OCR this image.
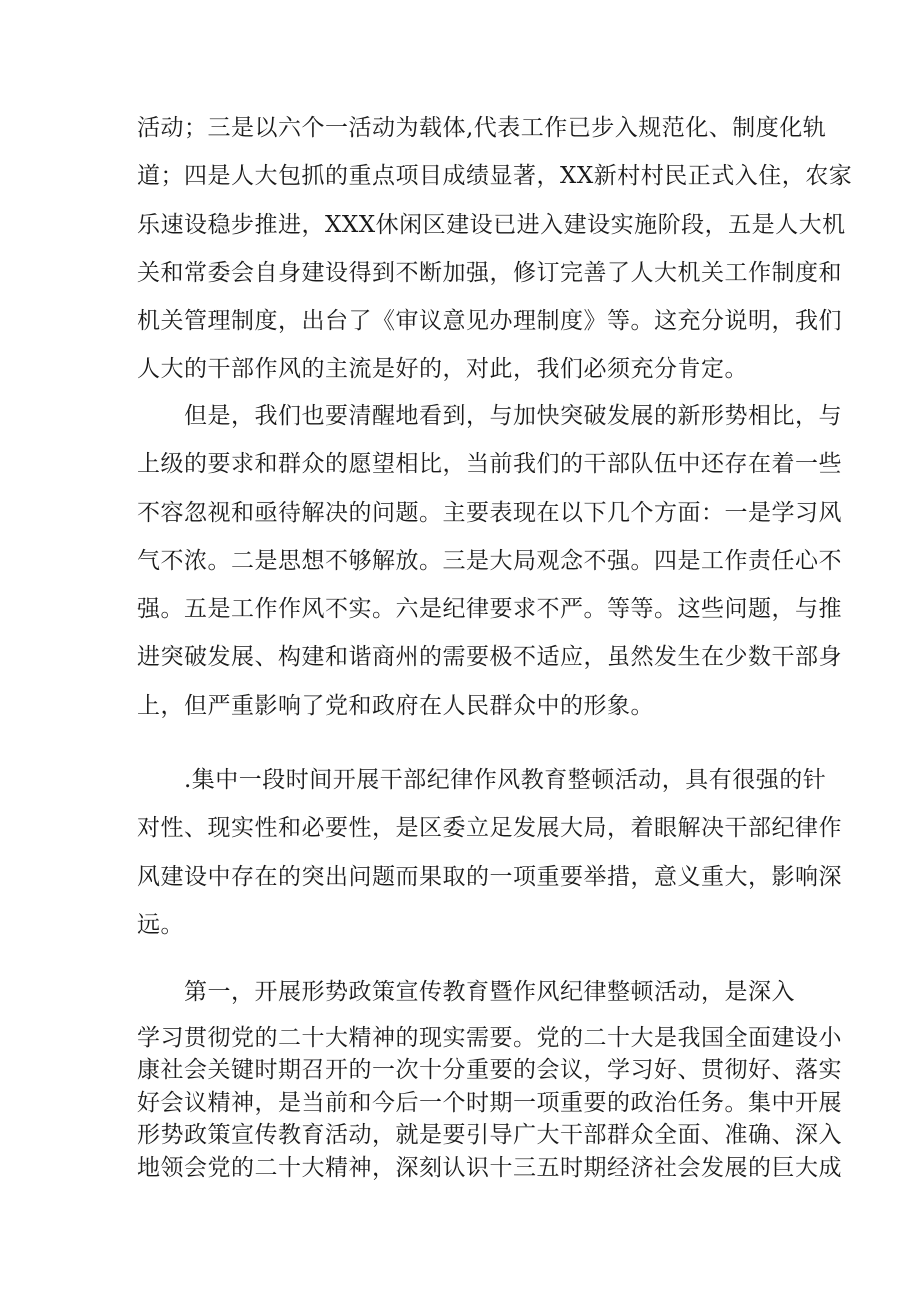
活动；三是以六个一活动为载体,代表工作已步入规范化、制度化轨
道；四是人大包抓的重点项目成绩显著，XX新村村民正式入住，农家
乐速设稳步推进，XXX休闲区建设已进入建设实施阶段，五是人大机
关和常委会自身建设得到不断加强，修订完善了人大机关工作制度和
机关管理制度，出台了《审议意见办理制度》等。这充分说明，我们
人大的干部作风的主流是好的，对此，我们必须充分肯定。
　　但是，我们也要清醒地看到，与加快突破发展的新形势相比，与
上级的要求和群众的愿望相比，当前我们的干部队伍中还存在着一些
不容忽视和亟待解决的问题。主要表现在以下几个方面：一是学习风
气不浓。二是思想不够解放。三是大局观念不强。四是工作责任心不
强。五是工作作风不实。六是纪律要求不严。等等。这些问题，与推
进突破发展、构建和谐商州的需要极不适应，虽然发生在少数干部身
上，但严重影响了党和政府在人民群众中的形象。
　　.集中一段时间开展干部纪律作风教育整顿活动，具有很强的针
对性、现实性和必要性，是区委立足发展大局，着眼解决干部纪律作
风建设中存在的突出问题而果取的一项重要举措，意义重大，影响深
远。
　　第一，开展形势政策宣传教育暨作风纪律整顿活动，是深入
学习贯彻党的二十大精神的现实需要。党的二十大是我国全面建设小
康社会关键时期召开的一次十分重要的会议，学习好、贯彻好、落实
好会议精神，是当前和今后一个时期一项重要的政治任务。集中开展
形势政策宣传教育活动，就是要引导广大干部群众全面、准确、深入
地领会党的二十大精神，深刻认识十三五时期经济社会发展的巨大成
